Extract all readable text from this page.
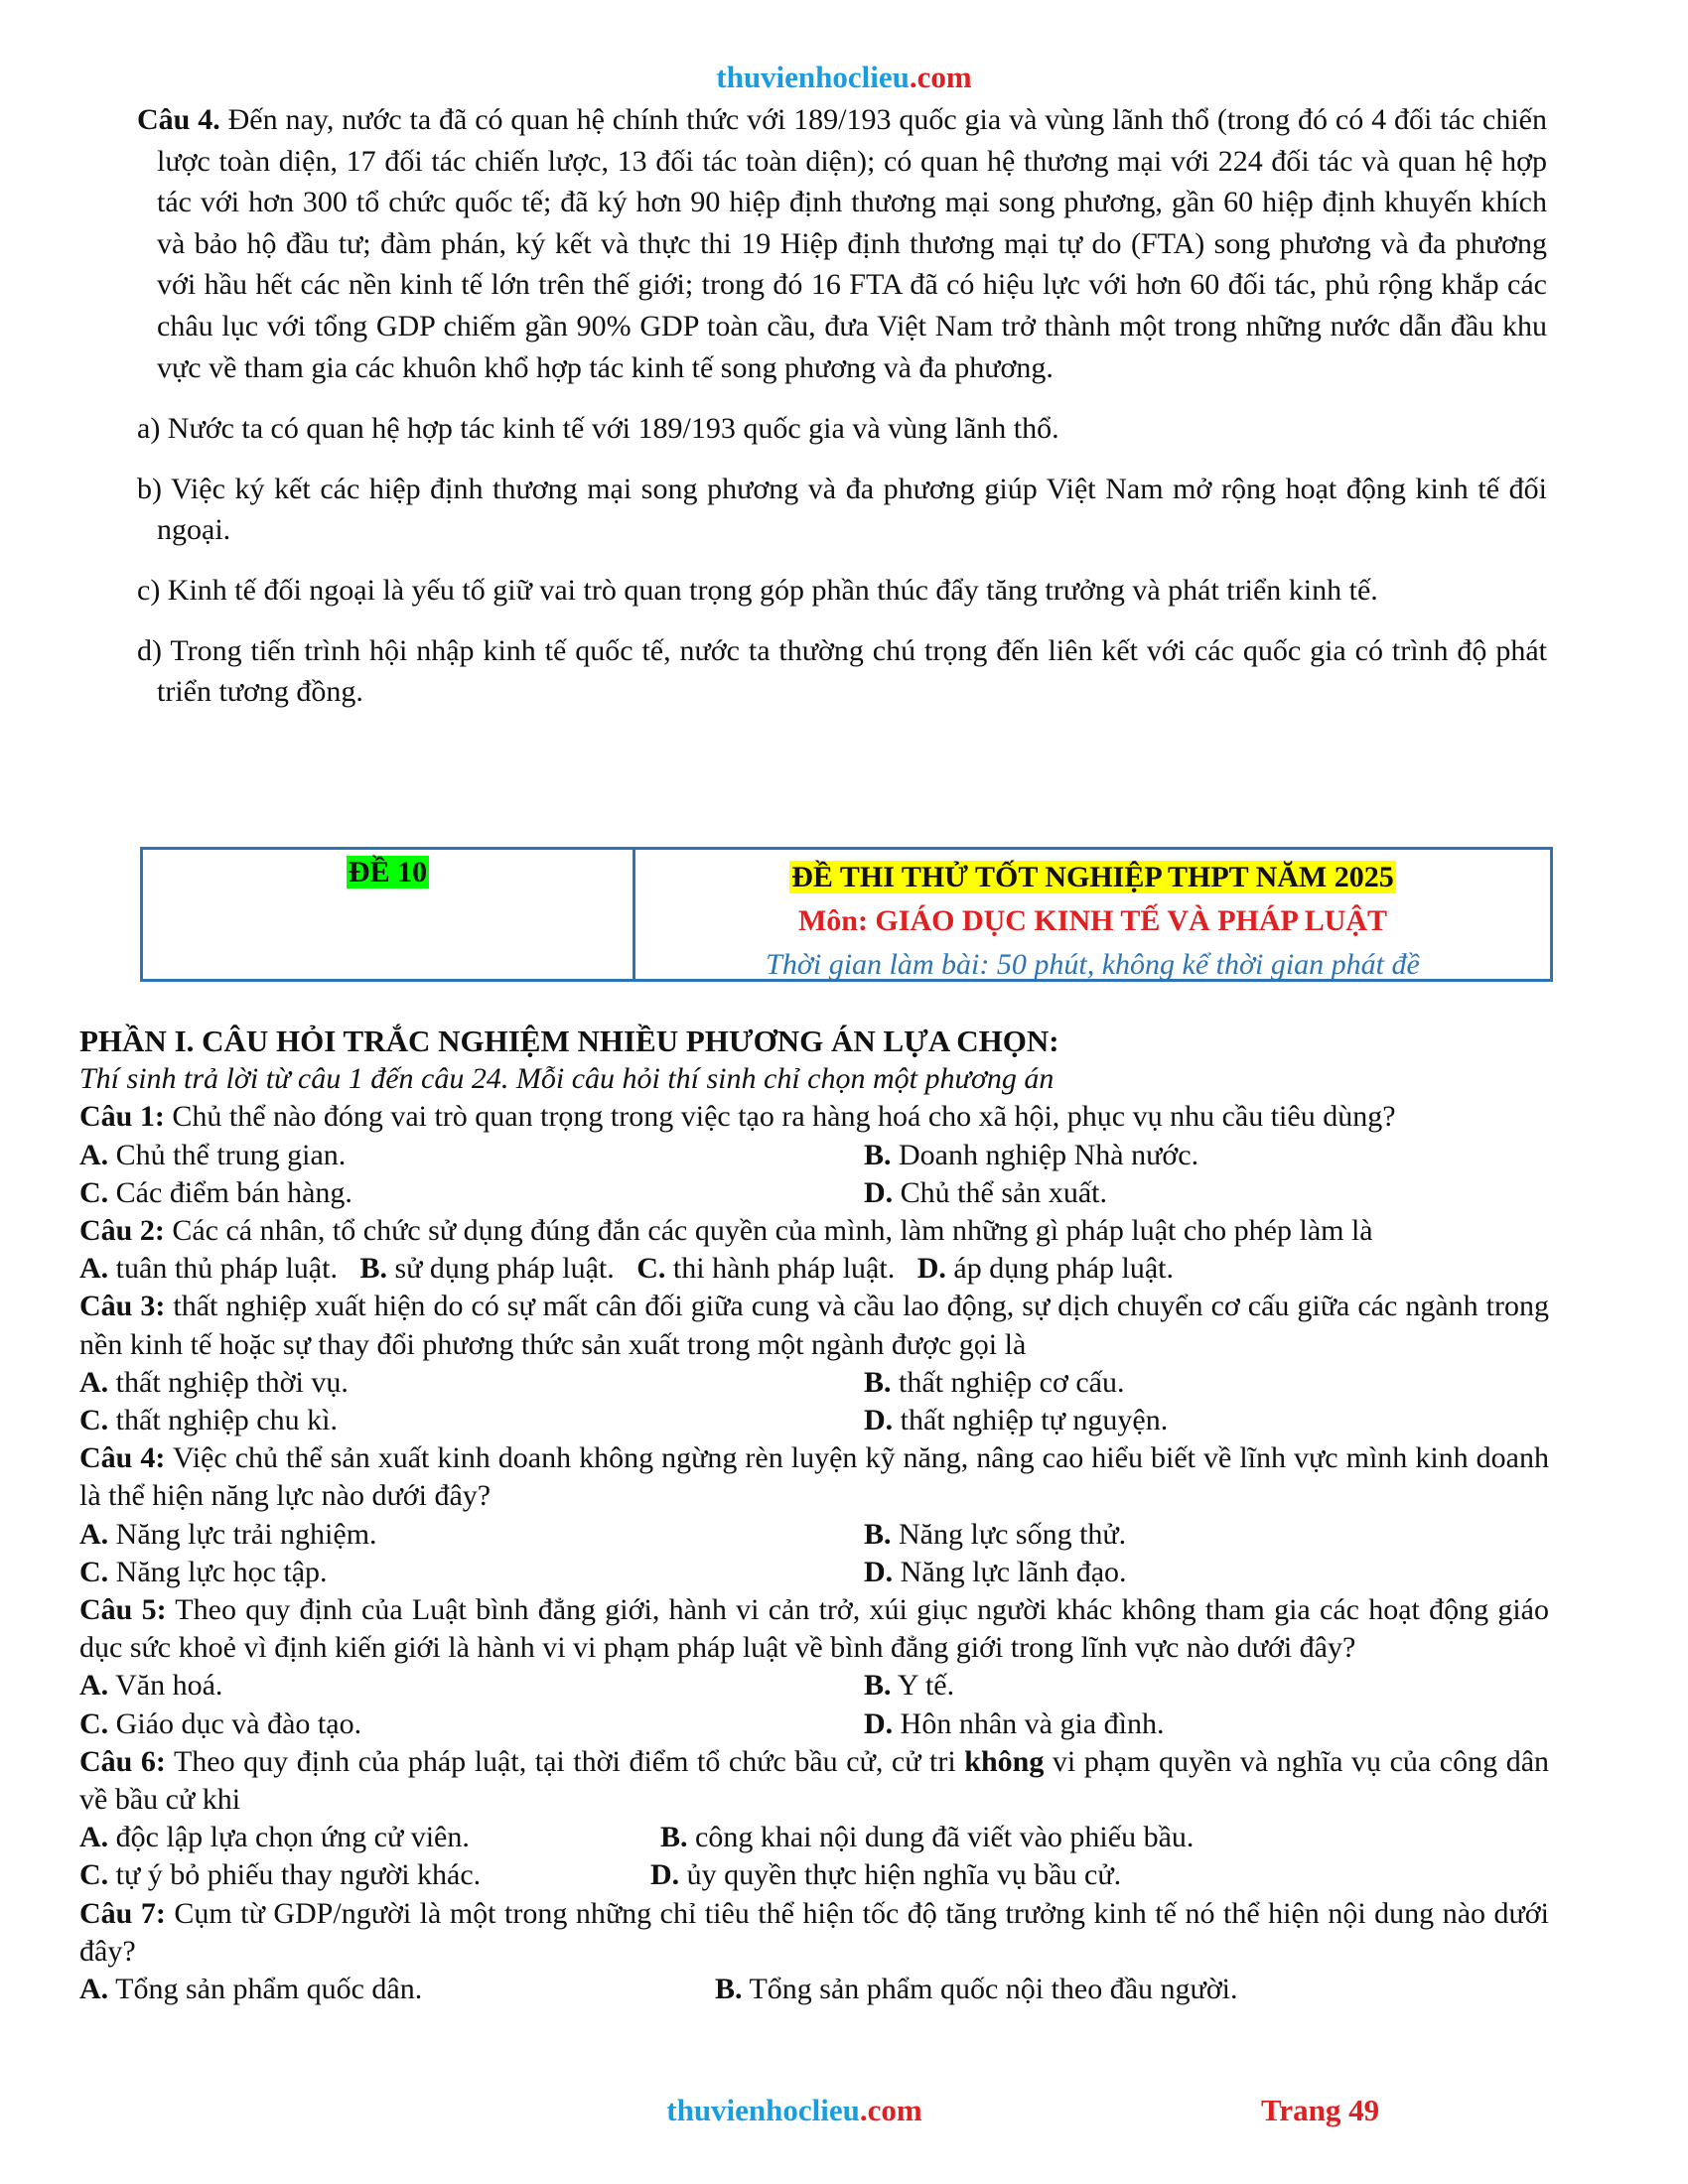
thuvienhoclieu.com

Câu 4. Đến nay, nước ta đã có quan hệ chính thức với 189/193 quốc gia và vùng lãnh thổ (trong đó có 4 đối tác chiến lược toàn diện, 17 đối tác chiến lược, 13 đối tác toàn diện); có quan hệ thương mại với 224 đối tác và quan hệ hợp tác với hơn 300 tổ chức quốc tế; đã ký hơn 90 hiệp định thương mại song phương, gần 60 hiệp định khuyến khích và bảo hộ đầu tư; đàm phán, ký kết và thực thi 19 Hiệp định thương mại tự do (FTA) song phương và đa phương với hầu hết các nền kinh tế lớn trên thế giới; trong đó 16 FTA đã có hiệu lực với hơn 60 đối tác, phủ rộng khắp các châu lục với tổng GDP chiếm gần 90% GDP toàn cầu, đưa Việt Nam trở thành một trong những nước dẫn đầu khu vực về tham gia các khuôn khổ hợp tác kinh tế song phương và đa phương.

a) Nước ta có quan hệ hợp tác kinh tế với 189/193 quốc gia và vùng lãnh thổ.

b) Việc ký kết các hiệp định thương mại song phương và đa phương giúp Việt Nam mở rộng hoạt động kinh tế đối ngoại.

c) Kinh tế đối ngoại là yếu tố giữ vai trò quan trọng góp phần thúc đẩy tăng trưởng và phát triển kinh tế.

d) Trong tiến trình hội nhập kinh tế quốc tế, nước ta thường chú trọng đến liên kết với các quốc gia có trình độ phát triển tương đồng.

ĐỀ 10	ĐỀ THI THỬ TỐT NGHIỆP THPT NĂM 2025
Môn: GIÁO DỤC KINH TẾ VÀ PHÁP LUẬT
Thời gian làm bài: 50 phút, không kể thời gian phát đề

PHẦN I. CÂU HỎI TRẮC NGHIỆM NHIỀU PHƯƠNG ÁN LỰA CHỌN:

Thí sinh trả lời từ câu 1 đến câu 24. Mỗi câu hỏi thí sinh chỉ chọn một phương án

Câu 1: Chủ thể nào đóng vai trò quan trọng trong việc tạo ra hàng hoá cho xã hội, phục vụ nhu cầu tiêu dùng?

A. Chủ thể trung gian.	B. Doanh nghiệp Nhà nước.
C. Các điểm bán hàng.	D. Chủ thể sản xuất.

Câu 2: Các cá nhân, tổ chức sử dụng đúng đắn các quyền của mình, làm những gì pháp luật cho phép làm là

A. tuân thủ pháp luật.
B. sử dụng pháp luật.
C. thi hành pháp luật.
D. áp dụng pháp luật.

Câu 3: thất nghiệp xuất hiện do có sự mất cân đối giữa cung và cầu lao động, sự dịch chuyển cơ cấu giữa các ngành trong nền kinh tế hoặc sự thay đổi phương thức sản xuất trong một ngành được gọi là

A. thất nghiệp thời vụ.	B. thất nghiệp cơ cấu.
C. thất nghiệp chu kì.	D. thất nghiệp tự nguyện.

Câu 4: Việc chủ thể sản xuất kinh doanh không ngừng rèn luyện kỹ năng, nâng cao hiểu biết về lĩnh vực mình kinh doanh là thể hiện năng lực nào dưới đây?

A. Năng lực trải nghiệm.	B. Năng lực sống thử.
C. Năng lực học tập.	D. Năng lực lãnh đạo.

Câu 5: Theo quy định của Luật bình đẳng giới, hành vi cản trở, xúi giục người khác không tham gia các hoạt động giáo dục sức khoẻ vì định kiến giới là hành vi vi phạm pháp luật về bình đẳng giới trong lĩnh vực nào dưới đây?

A. Văn hoá.	B. Y tế.
C. Giáo dục và đào tạo.	D. Hôn nhân và gia đình.

Câu 6: Theo quy định của pháp luật, tại thời điểm tổ chức bầu cử, cử tri không vi phạm quyền và nghĩa vụ của công dân về bầu cử khi

A. độc lập lựa chọn ứng cử viên.	B. công khai nội dung đã viết vào phiếu bầu.
C. tự ý bỏ phiếu thay người khác.	D. ủy quyền thực hiện nghĩa vụ bầu cử.

Câu 7: Cụm từ GDP/người là một trong những chỉ tiêu thể hiện tốc độ tăng trưởng kinh tế nó thể hiện nội dung nào dưới đây?

A. Tổng sản phẩm quốc dân.	B. Tổng sản phẩm quốc nội theo đầu người.
thuvienhoclieu.com	Trang 49
